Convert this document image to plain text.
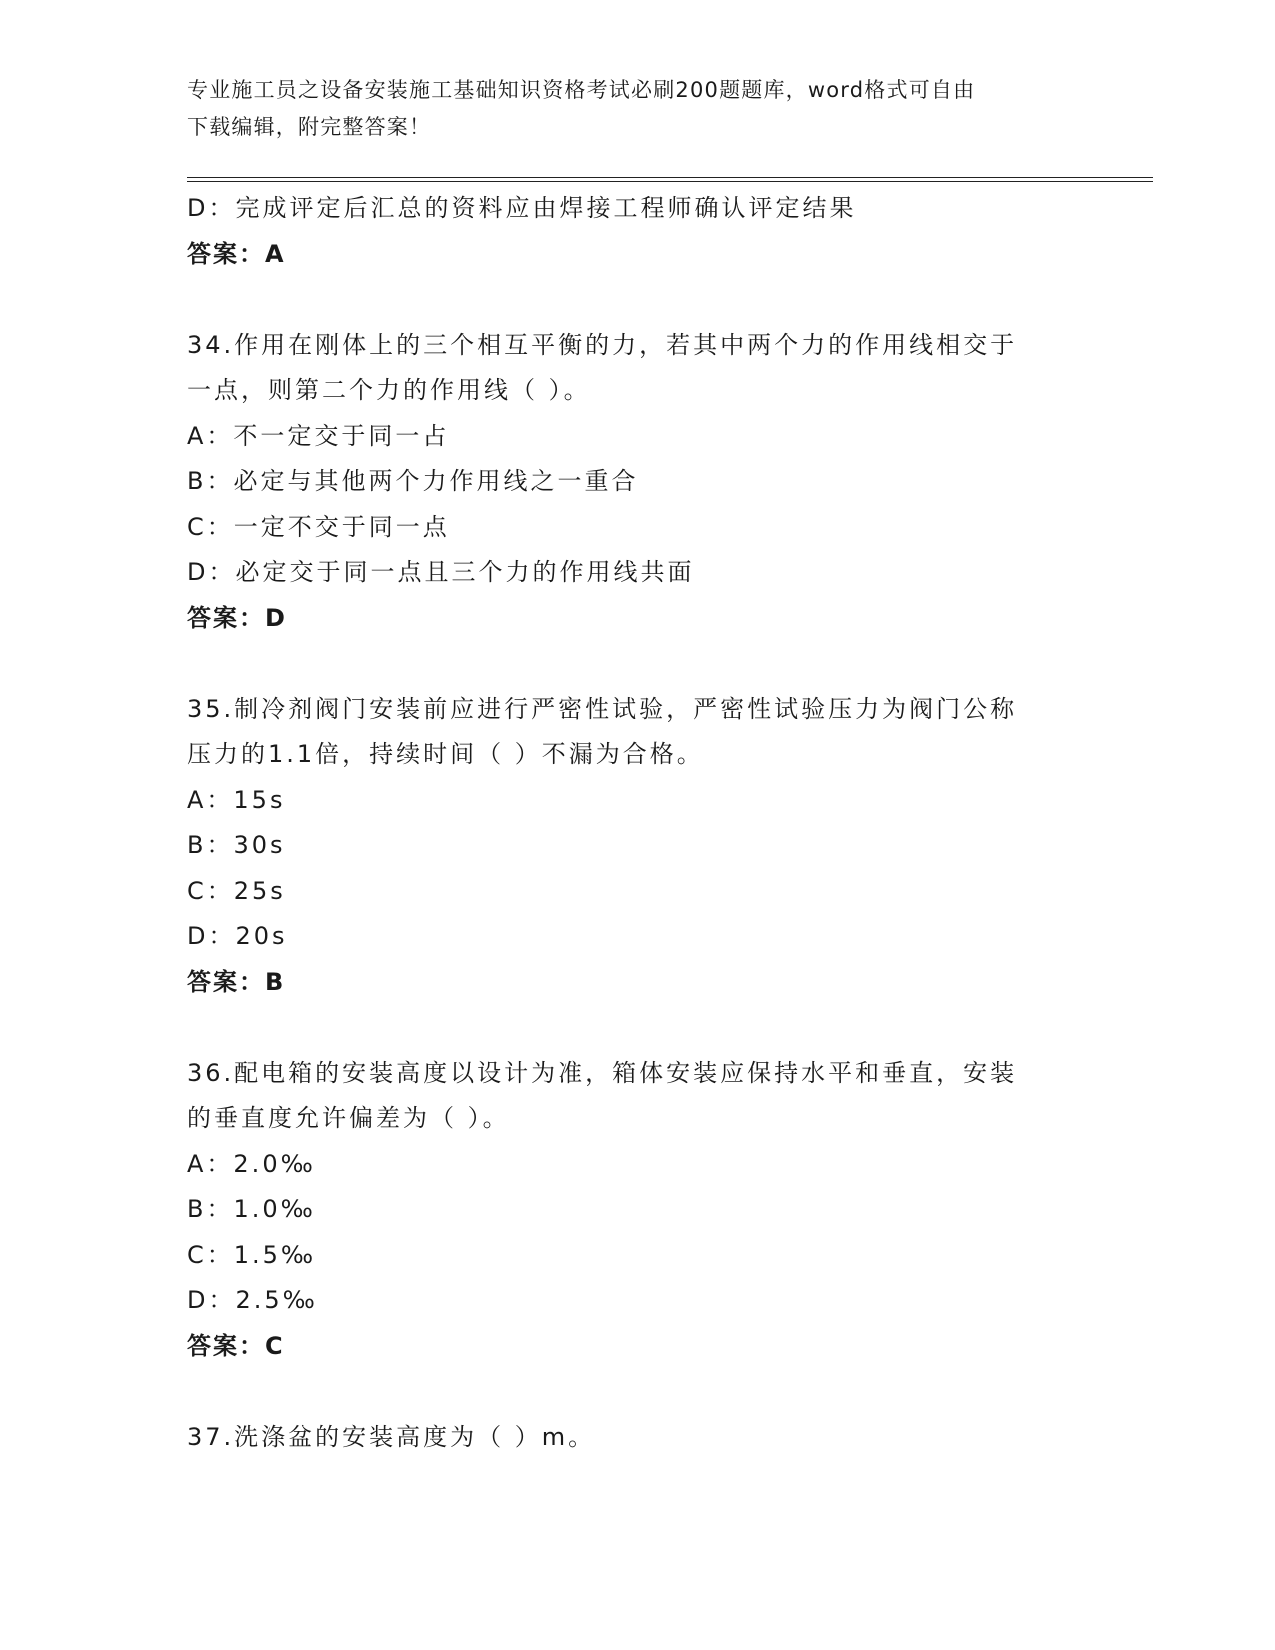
专业施工员之设备安装施工基础知识资格考试必刷200题题库，word格式可自由
下载编辑，附完整答案！
D：完成评定后汇总的资料应由焊接工程师确认评定结果
答案：A
34.作用在刚体上的三个相互平衡的力，若其中两个力的作用线相交于
一点，则第二个力的作用线（ ）。
A：不一定交于同一占
B：必定与其他两个力作用线之一重合
C：一定不交于同一点
D：必定交于同一点且三个力的作用线共面
答案：D
35.制冷剂阀门安装前应进行严密性试验，严密性试验压力为阀门公称
压力的1.1倍，持续时间（ ）不漏为合格。
A：15s
B：30s
C：25s
D：20s
答案：B
36.配电箱的安装高度以设计为准，箱体安装应保持水平和垂直，安装
的垂直度允许偏差为（ ）。
A：2.0‰
B：1.0‰
C：1.5‰
D：2.5‰
答案：C
37.洗涤盆的安装高度为（ ）m。
